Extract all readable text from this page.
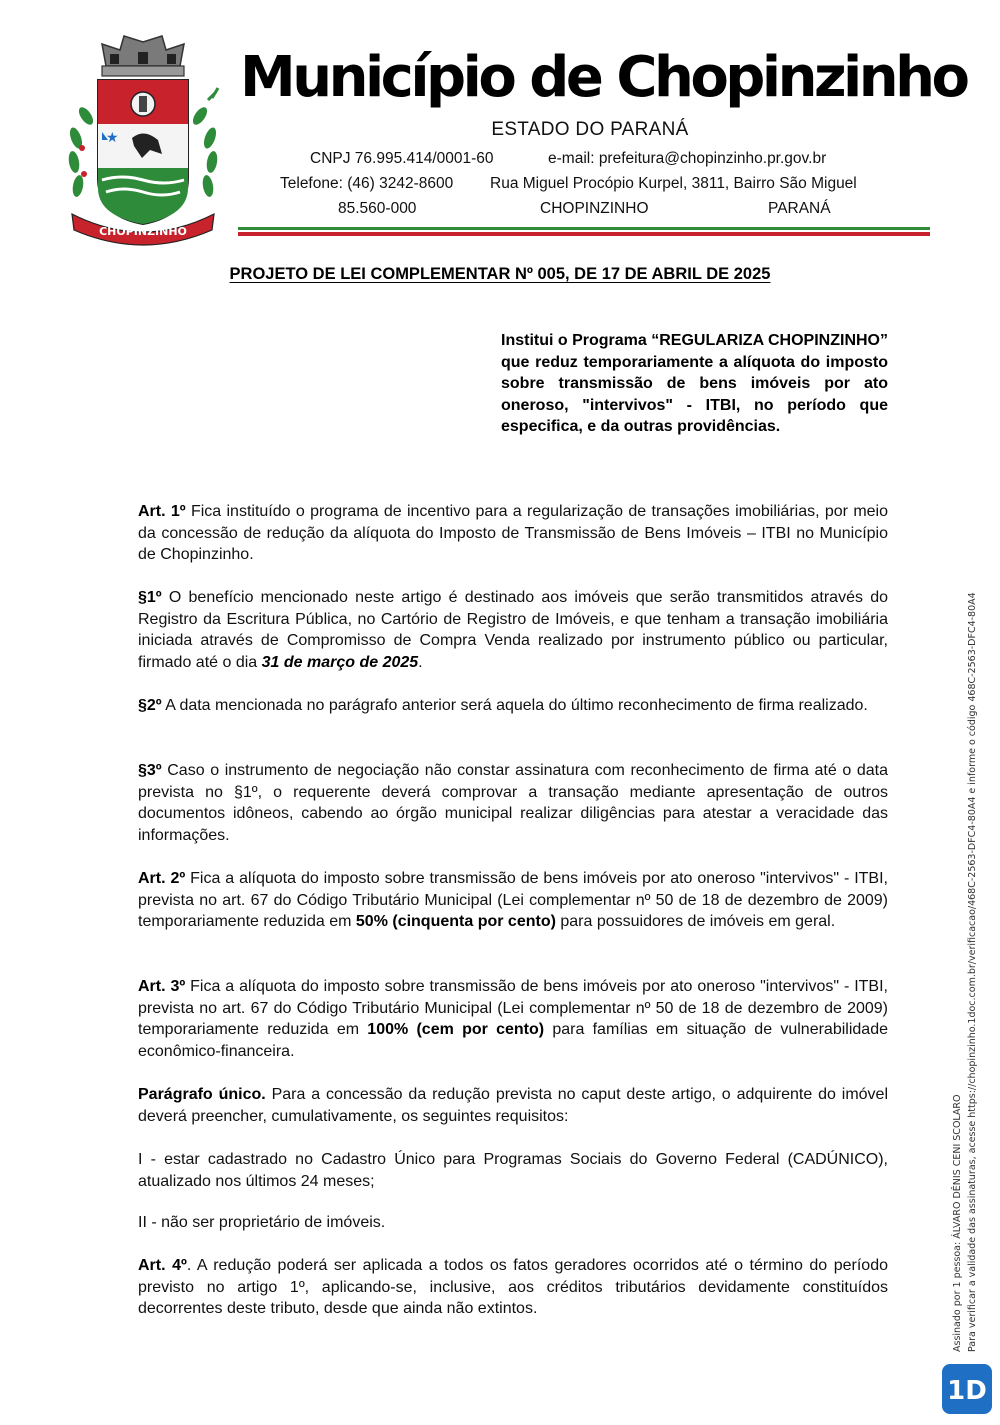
★
CHOPINZINHO
Município de Chopinzinho
ESTADO DO PARANÁ
CNPJ 76.995.414/0001-60	e-mail: prefeitura@chopinzinho.pr.gov.br
Telefone: (46) 3242-8600 Rua Miguel Procópio Kurpel, 3811, Bairro São Miguel
85.560-000	CHOPINZINHO	PARANÁ
PROJETO DE LEI COMPLEMENTAR Nº 005, DE 17 DE ABRIL DE 2025
Institui o Programa “REGULARIZA CHOPINZINHO” que reduz temporariamente a alíquota do imposto sobre transmissão de bens imóveis por ato oneroso, "intervivos" - ITBI, no período que especifica, e da outras providências.
Art. 1º Fica instituído o programa de incentivo para a regularização de transações imobiliárias, por meio da concessão de redução da alíquota do Imposto de Transmissão de Bens Imóveis – ITBI no Município de Chopinzinho.
§1º O benefício mencionado neste artigo é destinado aos imóveis que serão transmitidos através do Registro da Escritura Pública, no Cartório de Registro de Imóveis, e que tenham a transação imobiliária iniciada através de Compromisso de Compra Venda realizado por instrumento público ou particular, firmado até o dia 31 de março de 2025.
§2º A data mencionada no parágrafo anterior será aquela do último reconhecimento de firma realizado.
§3º Caso o instrumento de negociação não constar assinatura com reconhecimento de firma até o data prevista no §1º, o requerente deverá comprovar a transação mediante apresentação de outros documentos idôneos, cabendo ao órgão municipal realizar diligências para atestar a veracidade das informações.
Art. 2º Fica a alíquota do imposto sobre transmissão de bens imóveis por ato oneroso "intervivos" - ITBI, prevista no art. 67 do Código Tributário Municipal (Lei complementar nº 50 de 18 de dezembro de 2009) temporariamente reduzida em 50% (cinquenta por cento) para possuidores de imóveis em geral.
Art. 3º Fica a alíquota do imposto sobre transmissão de bens imóveis por ato oneroso "intervivos" - ITBI, prevista no art. 67 do Código Tributário Municipal (Lei complementar nº 50 de 18 de dezembro de 2009) temporariamente reduzida em 100% (cem por cento) para famílias em situação de vulnerabilidade econômico-financeira.
Parágrafo único. Para a concessão da redução prevista no caput deste artigo, o adquirente do imóvel deverá preencher, cumulativamente, os seguintes requisitos:
I - estar cadastrado no Cadastro Único para Programas Sociais do Governo Federal (CADÚNICO), atualizado nos últimos 24 meses;
II - não ser proprietário de imóveis.
Art. 4º. A redução poderá ser aplicada a todos os fatos geradores ocorridos até o término do período previsto no artigo 1º, aplicando-se, inclusive, aos créditos tributários devidamente constituídos decorrentes deste tributo, desde que ainda não extintos.	Assinado por 1 pessoa: ÁLVARO DÊNIS CENI SCOLARO Para verificar a validade das assinaturas, acesse https://chopinzinho.1doc.com.br/verificacao/468C-2563-DFC4-80A4 e informe o código 468C-2563-DFC4-80A4
1D
